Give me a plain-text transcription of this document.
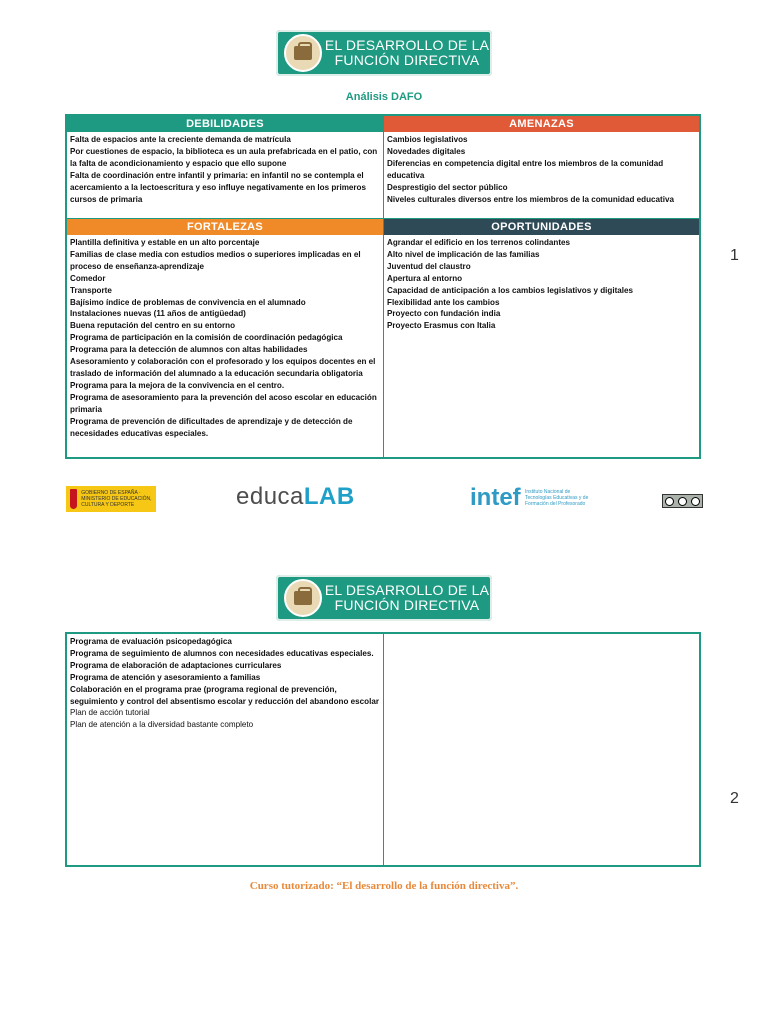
EL DESARROLLO DE LA
FUNCIÓN DIRECTIVA
Análisis DAFO
DEBILIDADES
Falta de espacios ante la creciente demanda de matrícula
Por cuestiones de espacio, la biblioteca es un aula prefabricada en el patio, con la falta de acondicionamiento y espacio que ello supone
Falta de coordinación entre infantil y primaria: en infantil no se contempla el acercamiento a la lectoescritura y eso influye negativamente en los primeros cursos de primaria
AMENAZAS
Cambios legislativos
Novedades digitales
Diferencias en competencia digital entre los miembros de la comunidad educativa
Desprestigio del sector público
Niveles culturales diversos entre los miembros de la comunidad educativa
FORTALEZAS
Plantilla definitiva y estable en un alto porcentaje
Familias de clase media con estudios medios o superiores implicadas en el proceso de enseñanza-aprendizaje
Comedor
Transporte
Bajísimo índice de problemas de convivencia en el alumnado
Instalaciones nuevas (11 años de antigüedad)
Buena reputación del centro en su entorno
Programa de participación en la comisión de coordinación pedagógica
Programa para la detección de alumnos con altas habilidades
Asesoramiento y colaboración con el profesorado y los equipos docentes en el traslado de información del alumnado a la educación secundaria obligatoria
Programa para la mejora de la convivencia en el centro.
Programa de asesoramiento para la prevención del acoso escolar en educación primaria
Programa de prevención de dificultades de aprendizaje y de detección de necesidades educativas especiales.
OPORTUNIDADES
Agrandar el edificio en los terrenos colindantes
Alto nivel de implicación de las familias
Juventud del claustro
Apertura al entorno
Capacidad de anticipación a los cambios legislativos y digitales
Flexibilidad ante los cambios
Proyecto con fundación india
Proyecto Erasmus con Italia
1
GOBIERNO DE ESPAÑA · MINISTERIO DE EDUCACIÓN, CULTURA Y DEPORTE	educaLAB	intef Instituto Nacional de Tecnologías Educativas y de Formación del Profesorado
EL DESARROLLO DE LA
FUNCIÓN DIRECTIVA
Programa de evaluación psicopedagógica
Programa de seguimiento de alumnos con necesidades educativas especiales.
Programa de elaboración de adaptaciones curriculares
Programa de atención y asesoramiento a familias
Colaboración en el programa prae (programa regional de prevención, seguimiento y control del absentismo escolar y reducción del abandono escolar
Plan de acción tutorial
Plan de atención a la diversidad bastante completo
2
Curso tutorizado: “El desarrollo de la función directiva”.
